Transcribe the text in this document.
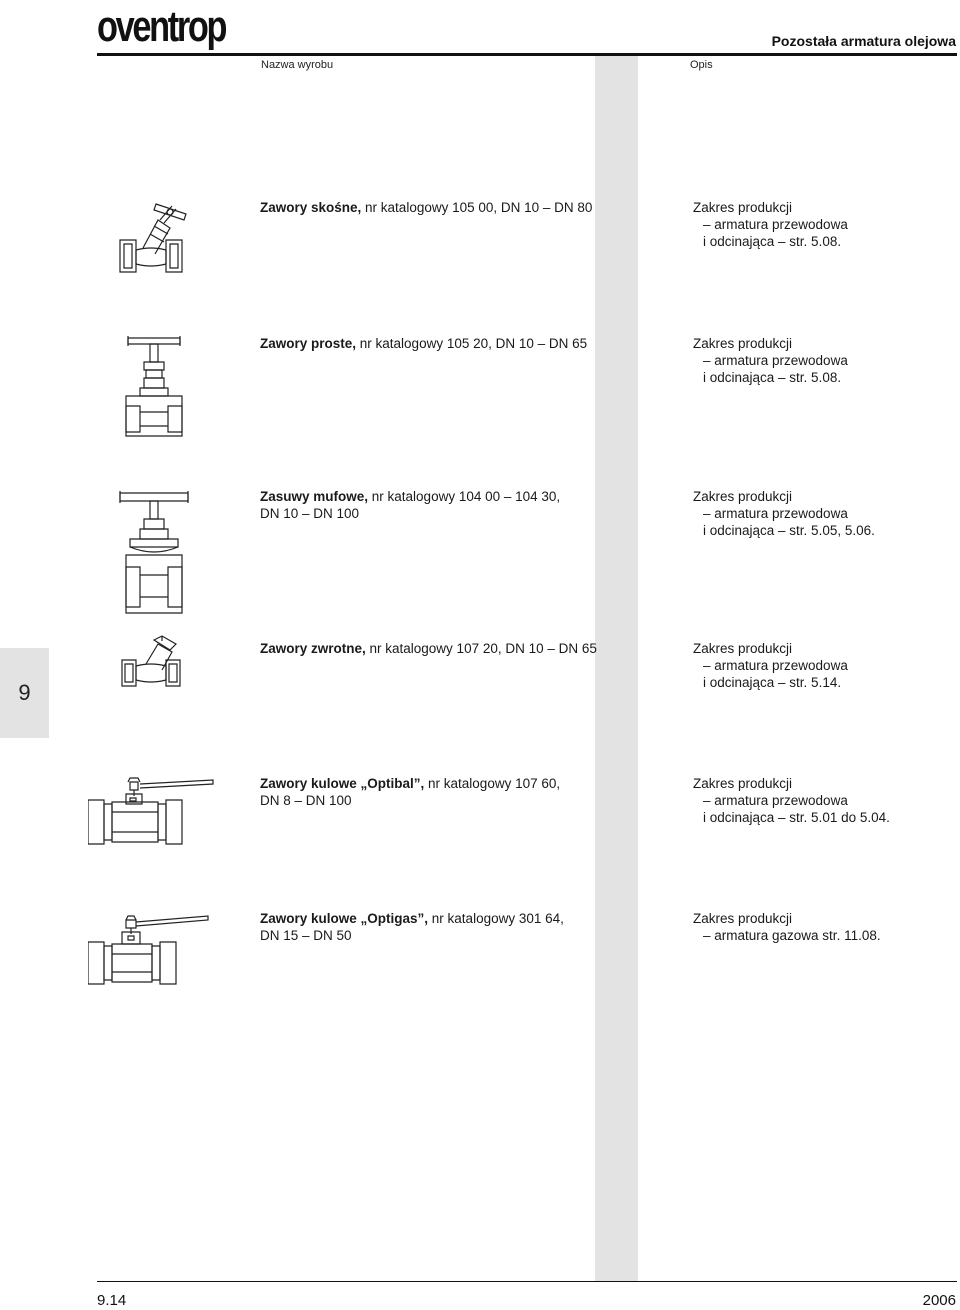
oventrop	Pozostała armatura olejowa
Nazwa wyrobu	Opis
9
Zawory skośne, nr katalogowy 105 00, DN 10 – DN 80	Zakres produkcji
– armatura przewodowa
i odcinająca – str. 5.08.
Zawory proste, nr katalogowy 105 20, DN 10 – DN 65	Zakres produkcji
– armatura przewodowa
i odcinająca – str. 5.08.
Zasuwy mufowe, nr katalogowy 104 00 – 104 30,
DN 10 – DN 100
Zakres produkcji
– armatura przewodowa
i odcinająca – str. 5.05, 5.06.
Zawory zwrotne, nr katalogowy 107 20, DN 10 – DN 65	Zakres produkcji
– armatura przewodowa
i odcinająca – str. 5.14.
Zawory kulowe „Optibal”, nr katalogowy 107 60,
DN 8 – DN 100
Zakres produkcji
– armatura przewodowa
i odcinająca – str. 5.01 do 5.04.
Zawory kulowe „Optigas”, nr katalogowy 301 64,
DN 15 – DN 50
Zakres produkcji
– armatura gazowa str. 11.08.
9.14	2006
